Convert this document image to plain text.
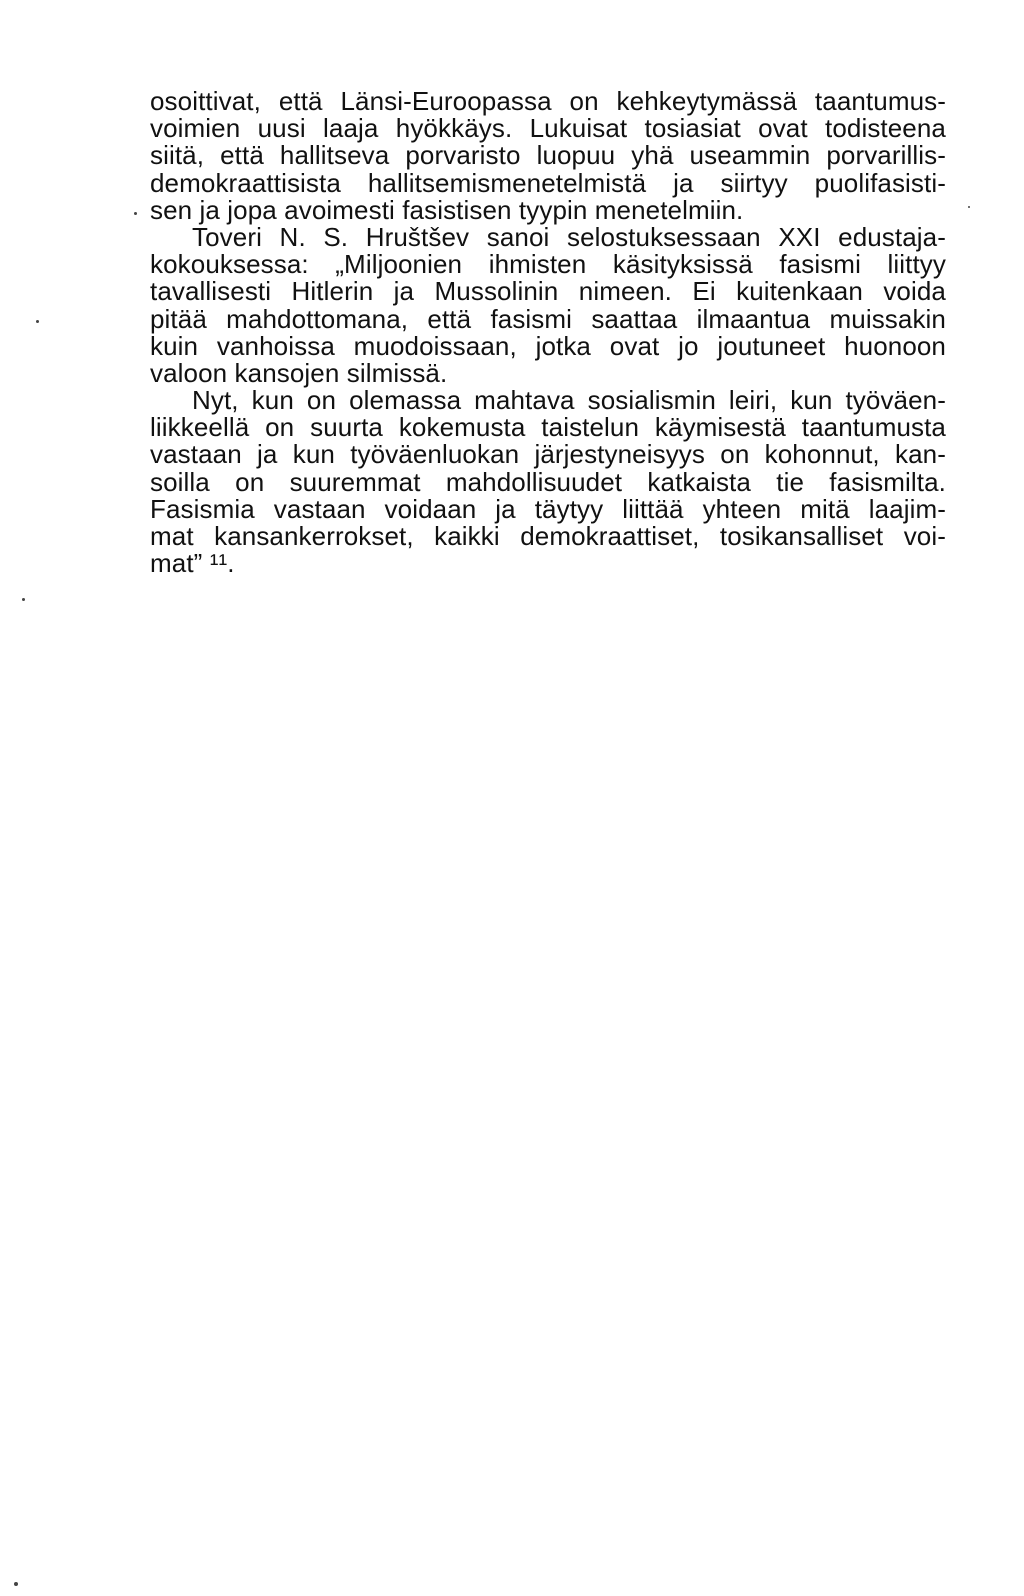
osoittivat, että Länsi-Euroopassa on kehkeytymässä taantumus-
voimien uusi laaja hyökkäys. Lukuisat tosiasiat ovat todisteena
siitä, että hallitseva porvaristo luopuu yhä useammin porvarillis-
demokraattisista hallitsemismenetelmistä ja siirtyy puolifasisti-
sen ja jopa avoimesti fasistisen tyypin menetelmiin.
Toveri N. S. Hruštšev sanoi selostuksessaan XXI edustaja-
kokouksessa: „Miljoonien ihmisten käsityksissä fasismi liittyy
tavallisesti Hitlerin ja Mussolinin nimeen. Ei kuitenkaan voida
pitää mahdottomana, että fasismi saattaa ilmaantua muissakin
kuin vanhoissa muodoissaan, jotka ovat jo joutuneet huonoon
valoon kansojen silmissä.
Nyt, kun on olemassa mahtava sosialismin leiri, kun työväen-
liikkeellä on suurta kokemusta taistelun käymisestä taantumusta
vastaan ja kun työväenluokan järjestyneisyys on kohonnut, kan-
soilla on suuremmat mahdollisuudet katkaista tie fasismilta.
Fasismia vastaan voidaan ja täytyy liittää yhteen mitä laajim-
mat kansankerrokset, kaikki demokraattiset, tosikansalliset voi-
mat” ¹¹.
